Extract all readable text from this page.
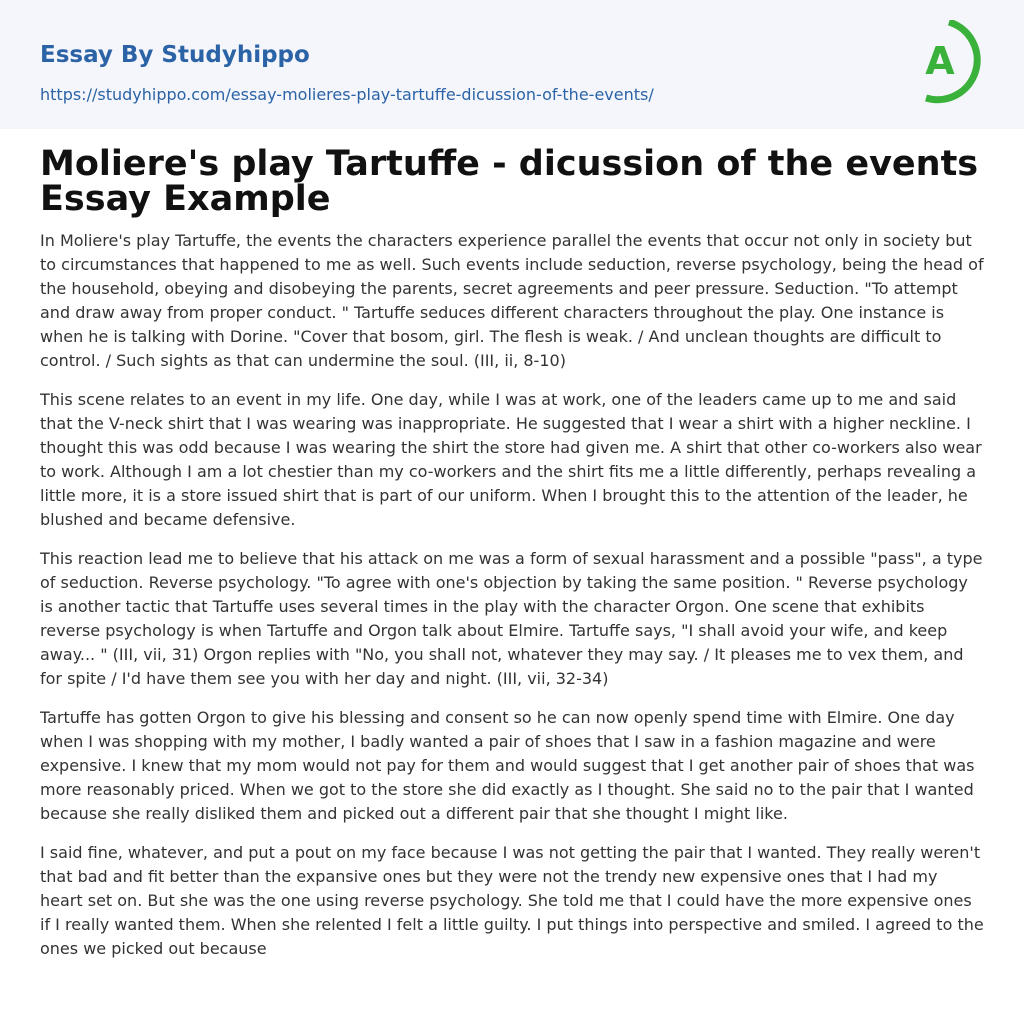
Essay By Studyhippo
https://studyhippo.com/essay-molieres-play-tartuffe-dicussion-of-the-events/
A
Moliere's play Tartuffe - dicussion of the events Essay Example

In Moliere's play Tartuffe, the events the characters experience parallel the events that occur not only in society but to circumstances that happened to me as well. Such events include seduction, reverse psychology, being the head of the household, obeying and disobeying the parents, secret agreements and peer pressure. Seduction. "To attempt and draw away from proper conduct. " Tartuffe seduces different characters throughout the play. One instance is when he is talking with Dorine. "Cover that bosom, girl. The flesh is weak. / And unclean thoughts are difficult to control. / Such sights as that can undermine the soul. (III, ii, 8-10)

This scene relates to an event in my life. One day, while I was at work, one of the leaders came up to me and said that the V-neck shirt that I was wearing was inappropriate. He suggested that I wear a shirt with a higher neckline. I thought this was odd because I was wearing the shirt the store had given me. A shirt that other co-workers also wear to work. Although I am a lot chestier than my co-workers and the shirt fits me a little differently, perhaps revealing a little more, it is a store issued shirt that is part of our uniform. When I brought this to the attention of the leader, he blushed and became defensive.

This reaction lead me to believe that his attack on me was a form of sexual harassment and a possible "pass", a type of seduction. Reverse psychology. "To agree with one's objection by taking the same position. " Reverse psychology is another tactic that Tartuffe uses several times in the play with the character Orgon. One scene that exhibits reverse psychology is when Tartuffe and Orgon talk about Elmire. Tartuffe says, "I shall avoid your wife, and keep away... " (III, vii, 31) Orgon replies with "No, you shall not, whatever they may say. / It pleases me to vex them, and for spite / I'd have them see you with her day and night. (III, vii, 32-34)

Tartuffe has gotten Orgon to give his blessing and consent so he can now openly spend time with Elmire. One day when I was shopping with my mother, I badly wanted a pair of shoes that I saw in a fashion magazine and were expensive. I knew that my mom would not pay for them and would suggest that I get another pair of shoes that was more reasonably priced. When we got to the store she did exactly as I thought. She said no to the pair that I wanted because she really disliked them and picked out a different pair that she thought I might like.

I said fine, whatever, and put a pout on my face because I was not getting the pair that I wanted. They really weren't that bad and fit better than the expansive ones but they were not the trendy new expensive ones that I had my heart set on. But she was the one using reverse psychology. She told me that I could have the more expensive ones if I really wanted them. When she relented I felt a little guilty. I put things into perspective and smiled. I agreed to the ones we picked out because
